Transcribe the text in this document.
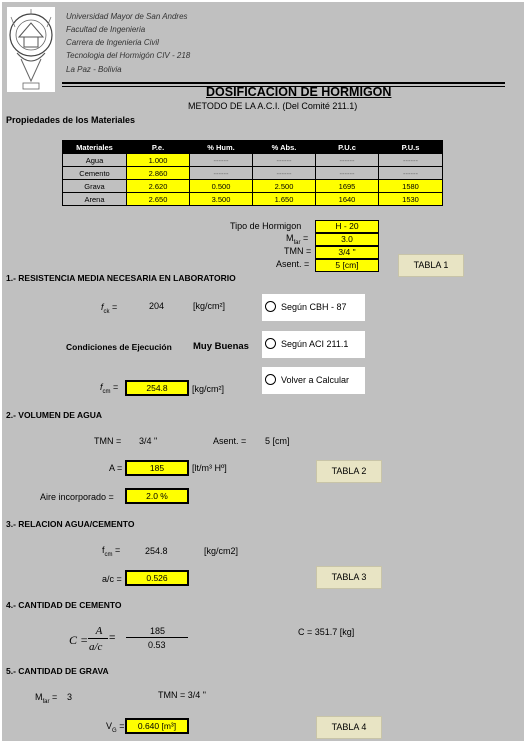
Universidad Mayor de San Andres
Facultad de Ingenieria
Carrera de Ingenieria Civil
Tecnologia del Hormigón CIV - 218
La Paz - Bolivia
DOSIFICACION DE HORMIGON
METODO DE LA A.C.I. (Del Comité 211.1)
Propiedades de los Materiales
Materiales	P.e.	% Hum.	% Abs.	P.U.c	P.U.s
Agua	1.000	------	------	------	------
Cemento	2.860	------	------	------	------
Grava	2.620	0.500	2.500	1695	1580
Arena	2.650	3.500	1.650	1640	1530
Tipo de Hormigon	H - 20
$M_{far}$ =	3.0
TMN =	3/4 "
Asent. =	5 [cm]	TABLA 1
1.- RESISTENCIA MEDIA NECESARIA EN LABORATORIO
$f_{ck}$ =	204	[kg/cm²]	Según CBH - 87
Condiciones de Ejecución Muy Buenas	Según ACI 211.1
Volver a Calcular
$f_{cm}$ =	254.8	[kg/cm²]
2.- VOLUMEN DE AGUA
TMN = 3/4 "	Asent. = 5 [cm]
A =	185	[lt/m³ Hº]	TABLA 2
Aire incorporado =	2.0 %
3.- RELACION AGUA/CEMENTO
$f_{cm}$ =	254.8	[kg/cm2]
a/c =	0.526	TABLA 3
4.- CANTIDAD DE CEMENTO
C =
A
a/c
=
185
0.53
C = 351.7 [kg]
5.- CANTIDAD DE GRAVA
$M_{far} = 3$	TMN = 3/4 "
$V_G$ =	0.640 [m³]	TABLA 4
